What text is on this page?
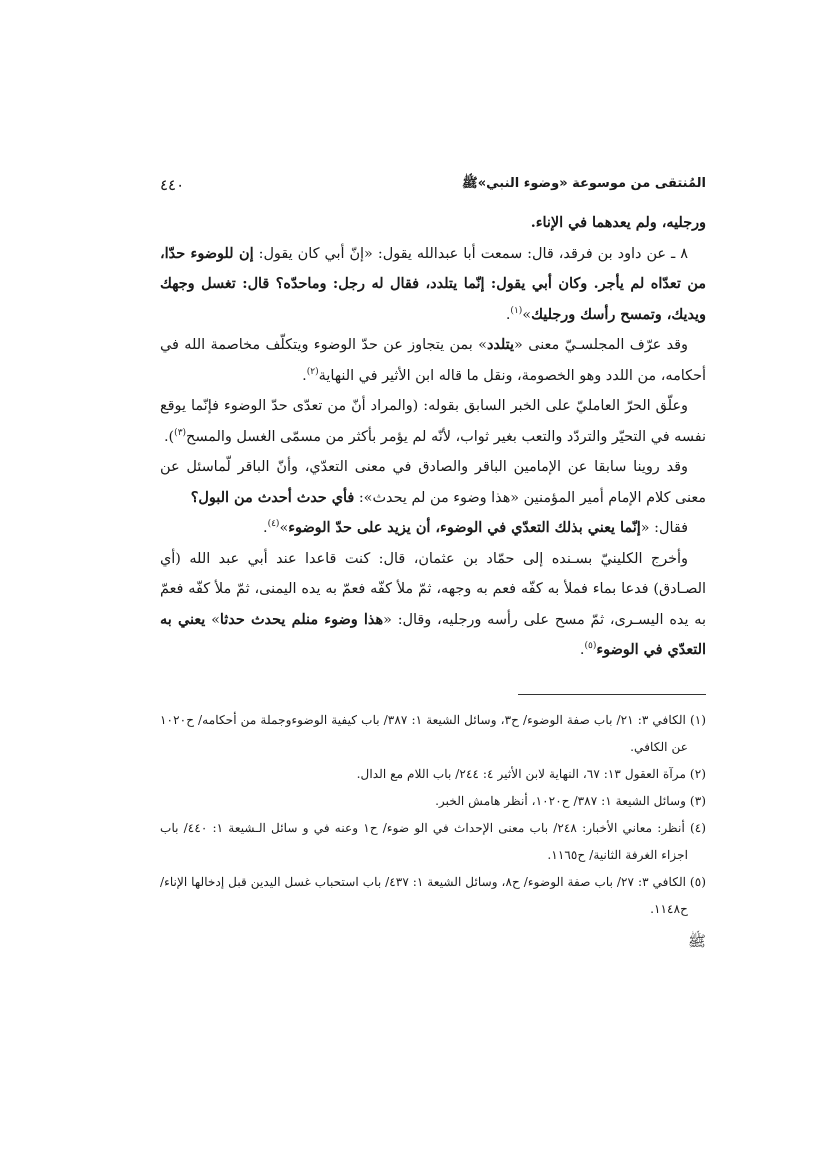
المُنتقى من موسوعة «وضوء النبي»ﷺ
٤٤٠

ورجليه، ولم يعدهما في الإناء.

٨ ـ عن داود بن فرقد، قال: سمعت أبا عبدالله يقول: «إنّ أبي كان يقول: إن للوضوء حدّا، من تعدّاه لم يأجر. وكان أبي يقول: إنّما يتلدد، فقال له رجل: وماحدّه؟ قال: تغسل وجهك ويديك، وتمسح رأسك ورجليك»$^{(١)}$.

وقد عرّف المجلسـيّ معنى «يتلدد» بمن يتجاوز عن حدّ الوضوء ويتكلّف مخاصمة الله في أحكامه، من اللدد وهو الخصومة، ونقل ما قاله ابن الأثير في النهاية$^{(٢)}$.

وعلّق الحرّ العامليّ على الخبر السابق بقوله: (والمراد أنّ من تعدّى حدّ الوضوء فإنّما يوقع نفسه في التحيّر والتردّد والتعب بغير ثواب، لأنّه لم يؤمر بأكثر من مسمّى الغسل والمسح$^{(٣)}$).

وقد روينا سابقا عن الإمامين الباقر والصادق في معنى التعدّي، وأنّ الباقر لّماسئل عن معنى كلام الإمام أمير المؤمنين «هذا وضوء من لم يحدث»: فأي حدث أحدث من البول؟

فقال: «إنّما يعني بذلك التعدّي في الوضوء، أن يزيد على حدّ الوضوء»$^{(٤)}$.

وأخرج الكلينيّ بسـنده إلى حمّاد بن عثمان، قال: كنت قاعدا عند أبي عبد الله (أي الصـادق) فدعا بماء فملأ به كفّه فعم به وجهه، ثمّ ملأ كفّه فعمّ به يده اليمنى، ثمّ ملأ كفّه فعمّ به يده اليسـرى، ثمّ مسح على رأسه ورجليه، وقال: «هذا وضوء منلم يحدث حدثا» يعني به التعدّي في الوضوء$^{(٥)}$.

(١) الكافي ٣: ٢١/ باب صفة الوضوء/ ح٣، وسائل الشيعة ١: ٣٨٧/ باب كيفية الوضوءوجملة من أحكامه/ ح١٠٢٠ عن الكافي.

(٢) مرآة العقول ١٣: ٦٧، النهاية لابن الأثير ٤: ٢٤٤/ باب اللام مع الدال.

(٣) وسائل الشيعة ١: ٣٨٧/ ح١٠٢٠، أنظر هامش الخبر.

(٤) أنظر: معاني الأخبار: ٢٤٨/ باب معنى الإحداث في الو ضوء/ ح١ وعنه في و سائل الـشيعة ١: ٤٤٠/ باب اجزاء الغرفة الثانية/ ح١١٦٥.

(٥) الكافي ٣: ٢٧/ باب صفة الوضوء/ ح٨، وسائل الشيعة ١: ٤٣٧/ باب استحباب غسل اليدين قبل إدخالها الإناء/ ح١١٤٨.

ﷺ
